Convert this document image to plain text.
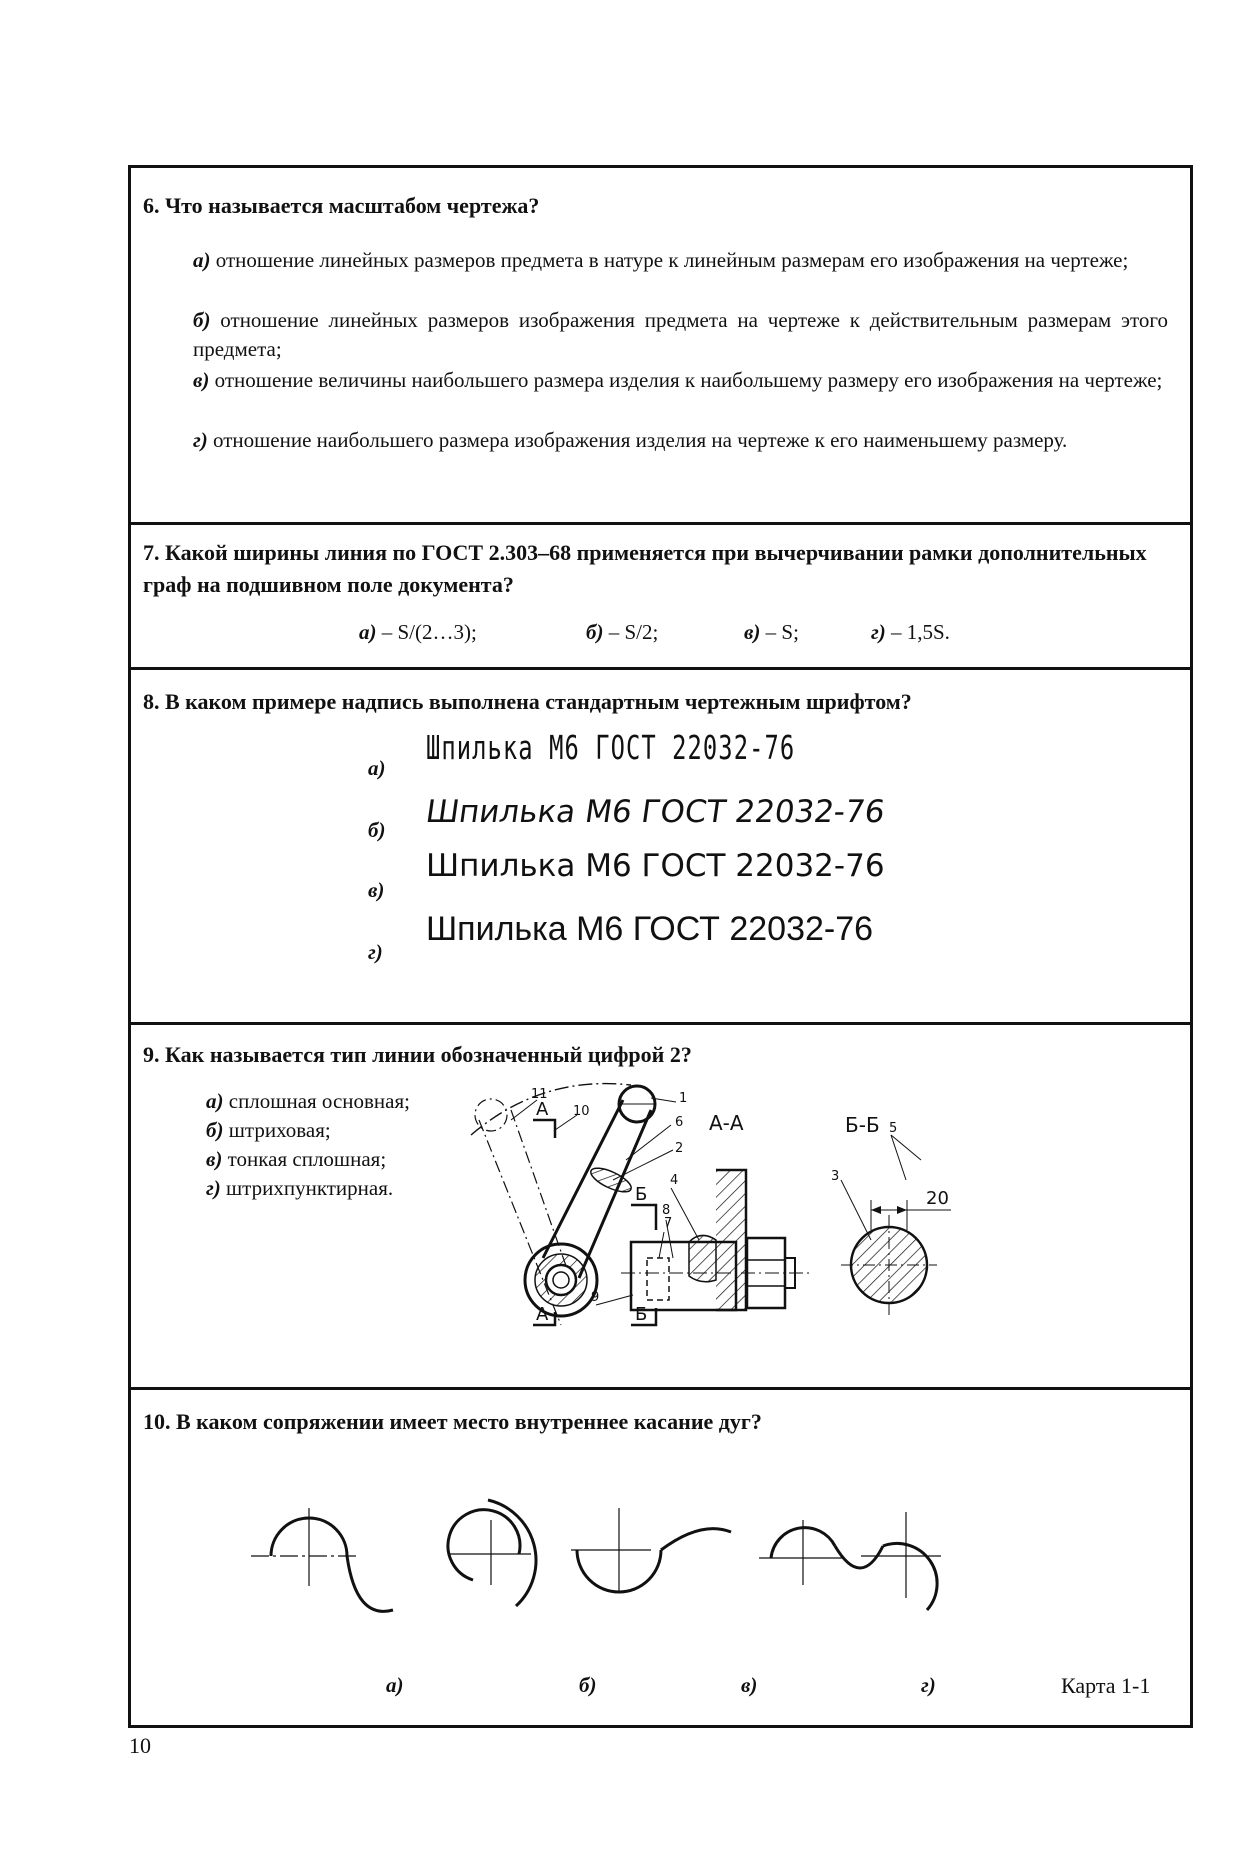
6. Что называется масштабом чертежа?
а) отношение линейных размеров предмета в натуре к линейным размерам его изображения на чертеже;
б) отношение линейных размеров изображения предмета на чертеже к действительным размерам этого предмета;
в) отношение величины наибольшего размера изделия к наибольшему размеру его изображения на чертеже;
г) отношение наибольшего размера изображения изделия на чертеже к его наименьшему размеру.
7. Какой ширины линия по ГОСТ 2.303–68 применяется при вычерчивании рамки дополнительных граф на подшивном поле документа?
а) – S/(2…3);	б) – S/2;	в) – S;	г) – 1,5S.
8. В каком примере надпись выполнена стандартным чертежным шрифтом?
а)
Шпилька М6 ГОСТ 22032-76
б) Шпилька М6 ГОСТ 22032-76
в)
Шпилька М6 ГОСТ 22032-76
г)
Шпилька М6 ГОСТ 22032-76
9. Как называется тип линии обозначенный цифрой 2?
а) сплошная основная;
б) штриховая;
в) тонкая сплошная;
г) штрихпунктирная.
А
А
Б
Б
1
2
3
4
5
6
7
8
9
10
11
А-А	Б-Б
20
10. В каком сопряжении имеет место внутреннее касание дуг?
а)	б)	в)	г)	Карта 1-1
10
